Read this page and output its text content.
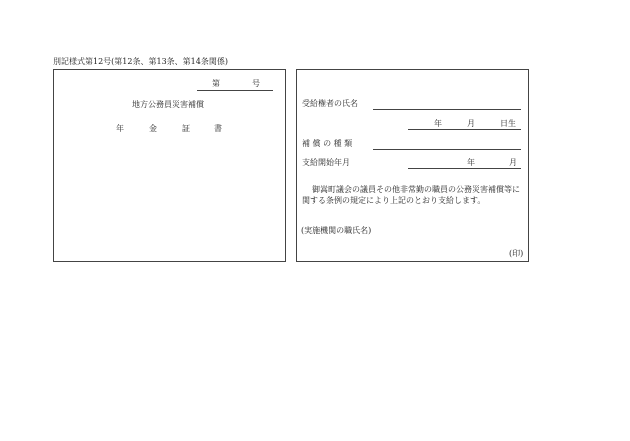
別記様式第12号(第12条、第13条、第14条関係)
第	号
地方公務員災害補償
年	金	証	書
受給権者の氏名
年	月	日生
補 償 の 種 類
支給開始年月	年	月
御嵩町議会の議員その他非常勤の職員の公務災害補償等に
関する条例の規定により上記のとおり支給します。
(実施機関の職氏名)
(印)
